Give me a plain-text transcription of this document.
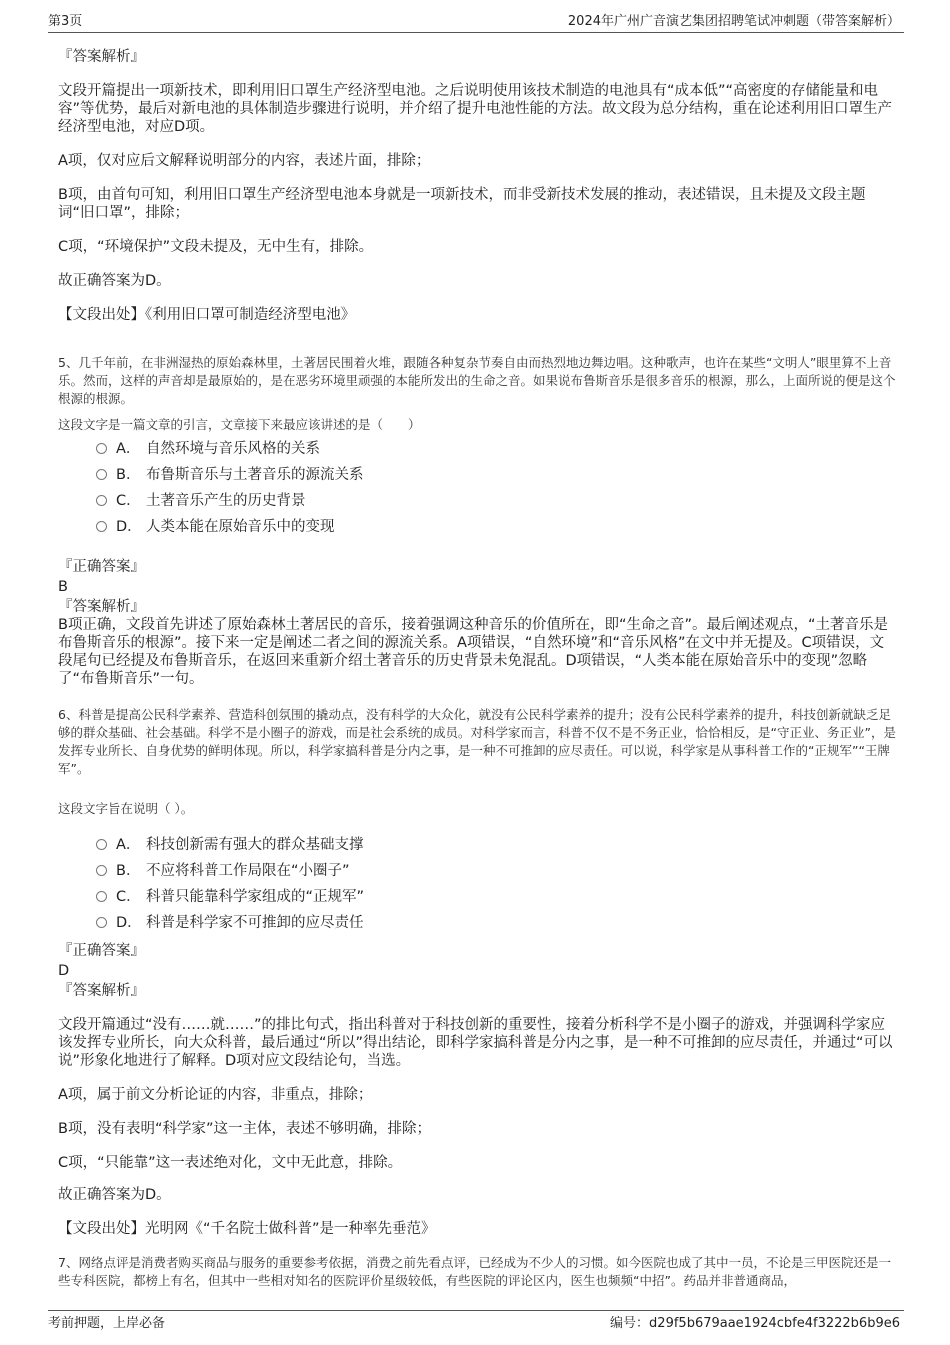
第3页	2024年广州广音演艺集团招聘笔试冲刺题（带答案解析）
『答案解析』
文段开篇提出一项新技术，即利用旧口罩生产经济型电池。之后说明使用该技术制造的电池具有“成本低”“高密度的存储能量和电容”等优势，最后对新电池的具体制造步骤进行说明，并介绍了提升电池性能的方法。故文段为总分结构，重在论述利用旧口罩生产经济型电池，对应D项。
A项，仅对应后文解释说明部分的内容，表述片面，排除；
B项，由首句可知，利用旧口罩生产经济型电池本身就是一项新技术，而非受新技术发展的推动，表述错误，且未提及文段主题词“旧口罩”，排除；
C项，“环境保护”文段未提及，无中生有，排除。
故正确答案为D。
【文段出处】《利用旧口罩可制造经济型电池》
5、几千年前，在非洲湿热的原始森林里，土著居民围着火堆，跟随各种复杂节奏自由而热烈地边舞边唱。这种歌声，也许在某些“文明人”眼里算不上音乐。然而，这样的声音却是最原始的，是在恶劣环境里顽强的本能所发出的生命之音。如果说布鲁斯音乐是很多音乐的根源，那么，上面所说的便是这个根源的根源。
这段文字是一篇文章的引言，文章接下来最应该讲述的是（　　）
A． 自然环境与音乐风格的关系
B． 布鲁斯音乐与土著音乐的源流关系
C． 土著音乐产生的历史背景
D． 人类本能在原始音乐中的变现
『正确答案』
B
『答案解析』
B项正确，文段首先讲述了原始森林土著居民的音乐，接着强调这种音乐的价值所在，即“生命之音”。最后阐述观点，“土著音乐是布鲁斯音乐的根源”。接下来一定是阐述二者之间的源流关系。A项错误，“自然环境”和“音乐风格”在文中并无提及。C项错误，文段尾句已经提及布鲁斯音乐，在返回来重新介绍土著音乐的历史背景未免混乱。D项错误，“人类本能在原始音乐中的变现”忽略了“布鲁斯音乐”一句。
6、科普是提高公民科学素养、营造科创氛围的撬动点，没有科学的大众化，就没有公民科学素养的提升；没有公民科学素养的提升，科技创新就缺乏足够的群众基础、社会基础。科学不是小圈子的游戏，而是社会系统的成员。对科学家而言，科普不仅不是不务正业，恰恰相反，是“守正业、务正业”，是发挥专业所长、自身优势的鲜明体现。所以，科学家搞科普是分内之事，是一种不可推卸的应尽责任。可以说，科学家是从事科普工作的“正规军”“王牌军”。
这段文字旨在说明（ ）。
A． 科技创新需有强大的群众基础支撑
B． 不应将科普工作局限在“小圈子”
C． 科普只能靠科学家组成的“正规军”
D． 科普是科学家不可推卸的应尽责任
『正确答案』
D
『答案解析』
文段开篇通过“没有……就……”的排比句式，指出科普对于科技创新的重要性，接着分析科学不是小圈子的游戏，并强调科学家应该发挥专业所长，向大众科普，最后通过“所以”得出结论，即科学家搞科普是分内之事，是一种不可推卸的应尽责任，并通过“可以说”形象化地进行了解释。D项对应文段结论句，当选。
A项，属于前文分析论证的内容，非重点，排除；
B项，没有表明“科学家”这一主体，表述不够明确，排除；
C项，“只能靠”这一表述绝对化，文中无此意，排除。
故正确答案为D。
【文段出处】光明网《“千名院士做科普”是一种率先垂范》
7、网络点评是消费者购买商品与服务的重要参考依据，消费之前先看点评，已经成为不少人的习惯。如今医院也成了其中一员，不论是三甲医院还是一些专科医院，都榜上有名，但其中一些相对知名的医院评价星级较低，有些医院的评论区内，医生也频频“中招”。药品并非普通商品，
考前押题，上岸必备	编号：d29f5b679aae1924cbfe4f3222b6b9e6
